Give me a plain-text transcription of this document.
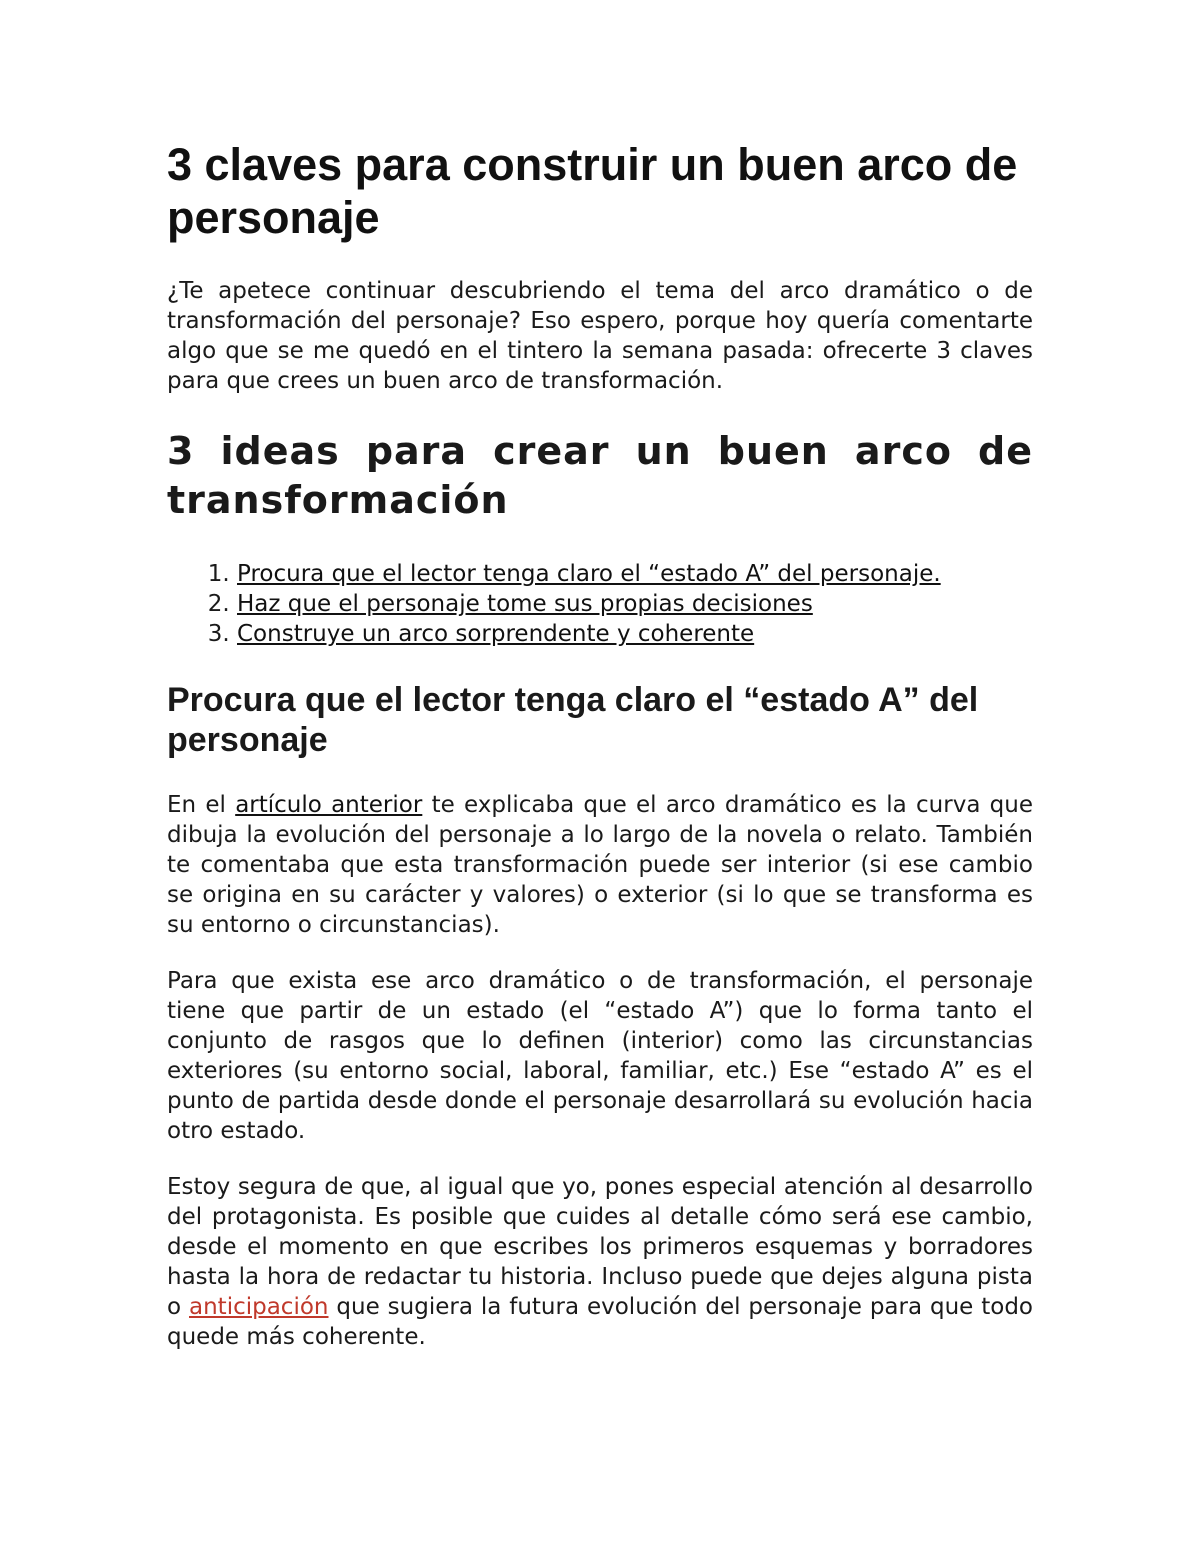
3 claves para construir un buen arco de personaje

¿Te apetece continuar descubriendo el tema del arco dramático o de transformación del personaje? Eso espero, porque hoy quería comentarte algo que se me quedó en el tintero la semana pasada: ofrecerte 3 claves para que crees un buen arco de transformación.

3 ideas para crear un buen arco de transformación
1. Procura que el lector tenga claro el “estado A” del personaje.
2. Haz que el personaje tome sus propias decisiones
3. Construye un arco sorprendente y coherente
Procura que el lector tenga claro el “estado A” del personaje

En el artículo anterior te explicaba que el arco dramático es la curva que dibuja la evolución del personaje a lo largo de la novela o relato. También te comentaba que esta transformación puede ser interior (si ese cambio se origina en su carácter y valores) o exterior (si lo que se transforma es su entorno o circunstancias).

Para que exista ese arco dramático o de transformación, el personaje tiene que partir de un estado (el “estado A”) que lo forma tanto el conjunto de rasgos que lo definen (interior) como las circunstancias exteriores (su entorno social, laboral, familiar, etc.) Ese “estado A” es el punto de partida desde donde el personaje desarrollará su evolución hacia otro estado.

Estoy segura de que, al igual que yo, pones especial atención al desarrollo del protagonista. Es posible que cuides al detalle cómo será ese cambio, desde el momento en que escribes los primeros esquemas y borradores hasta la hora de redactar tu historia. Incluso puede que dejes alguna pista o anticipación que sugiera la futura evolución del personaje para que todo quede más coherente.
